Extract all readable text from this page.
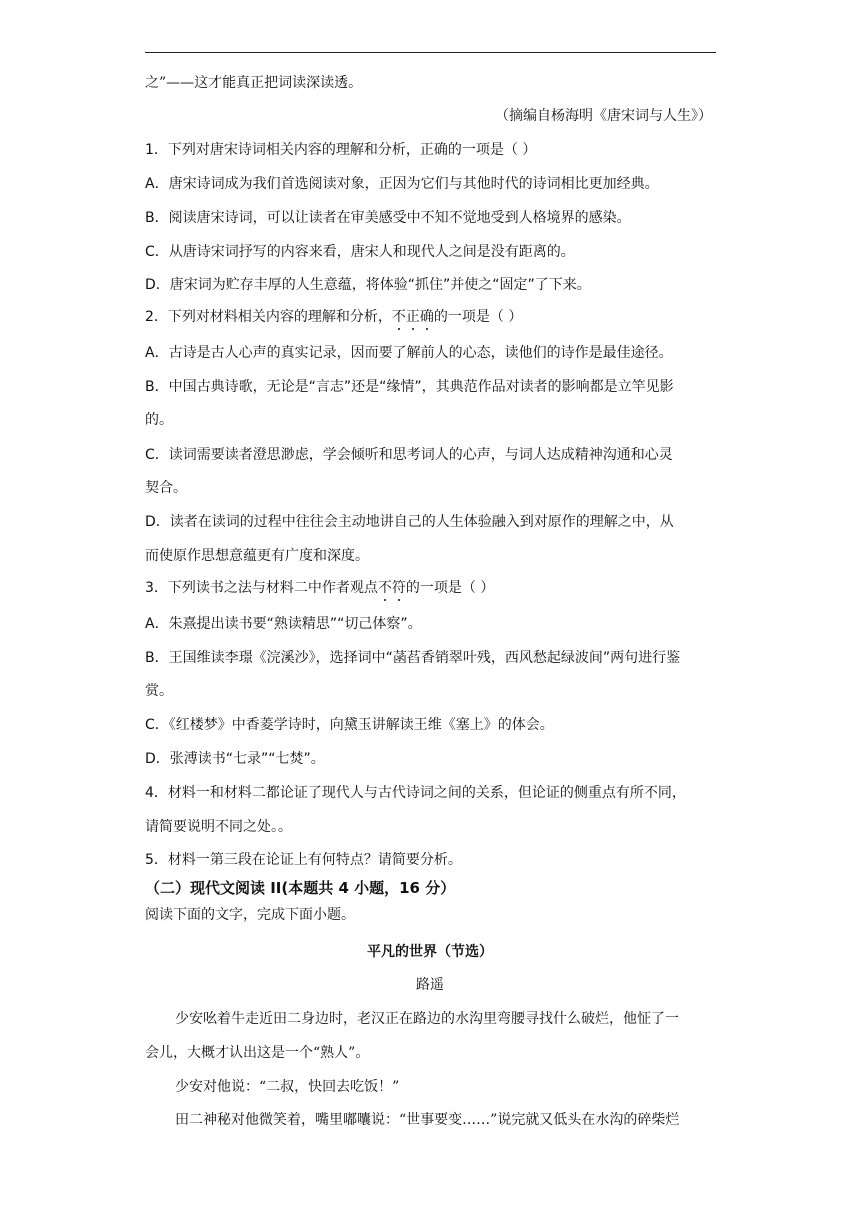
之”——这才能真正把词读深读透。
（摘编自杨海明《唐宋词与人生》）
1．下列对唐宋诗词相关内容的理解和分析，正确的一项是（ ）
A．唐宋诗词成为我们首选阅读对象，正因为它们与其他时代的诗词相比更加经典。
B．阅读唐宋诗词，可以让读者在审美感受中不知不觉地受到人格境界的感染。
C．从唐诗宋词抒写的内容来看，唐宋人和现代人之间是没有距离的。
D．唐宋词为贮存丰厚的人生意蕴，将体验“抓住”并使之“固定”了下来。
2．下列对材料相关内容的理解和分析，不正确的一项是（ ）
A．古诗是古人心声的真实记录，因而要了解前人的心态，读他们的诗作是最佳途径。
B．中国古典诗歌，无论是“言志”还是“缘情”，其典范作品对读者的影响都是立竿见影
的。
C．读词需要读者澄思渺虑，学会倾听和思考词人的心声，与词人达成精神沟通和心灵
契合。
D．读者在读词的过程中往往会主动地讲自己的人生体验融入到对原作的理解之中，从
而使原作思想意蕴更有广度和深度。
3．下列读书之法与材料二中作者观点不符的一项是（ ）
A．朱熹提出读书要“熟读精思”“切己体察”。
B．王国维读李璟《浣溪沙》，选择词中“菡萏香销翠叶残，西风愁起绿波间”两句进行鉴
赏。
C．《红楼梦》中香菱学诗时，向黛玉讲解读王维《塞上》的体会。
D．张溥读书“七录”“七焚”。
4．材料一和材料二都论证了现代人与古代诗词之间的关系，但论证的侧重点有所不同，
请简要说明不同之处。。
5．材料一第三段在论证上有何特点？请简要分析。
（二）现代文阅读 II(本题共 4 小题，16 分）
阅读下面的文字，完成下面小题。
平凡的世界（节选）
路遥
少安吆着牛走近田二身边时，老汉正在路边的水沟里弯腰寻找什么破烂，他怔了一
会儿，大概才认出这是一个“熟人”。
少安对他说：“二叔，快回去吃饭！”
田二神秘对他微笑着，嘴里嘟囔说：“世事要变……”说完就又低头在水沟的碎柴烂
